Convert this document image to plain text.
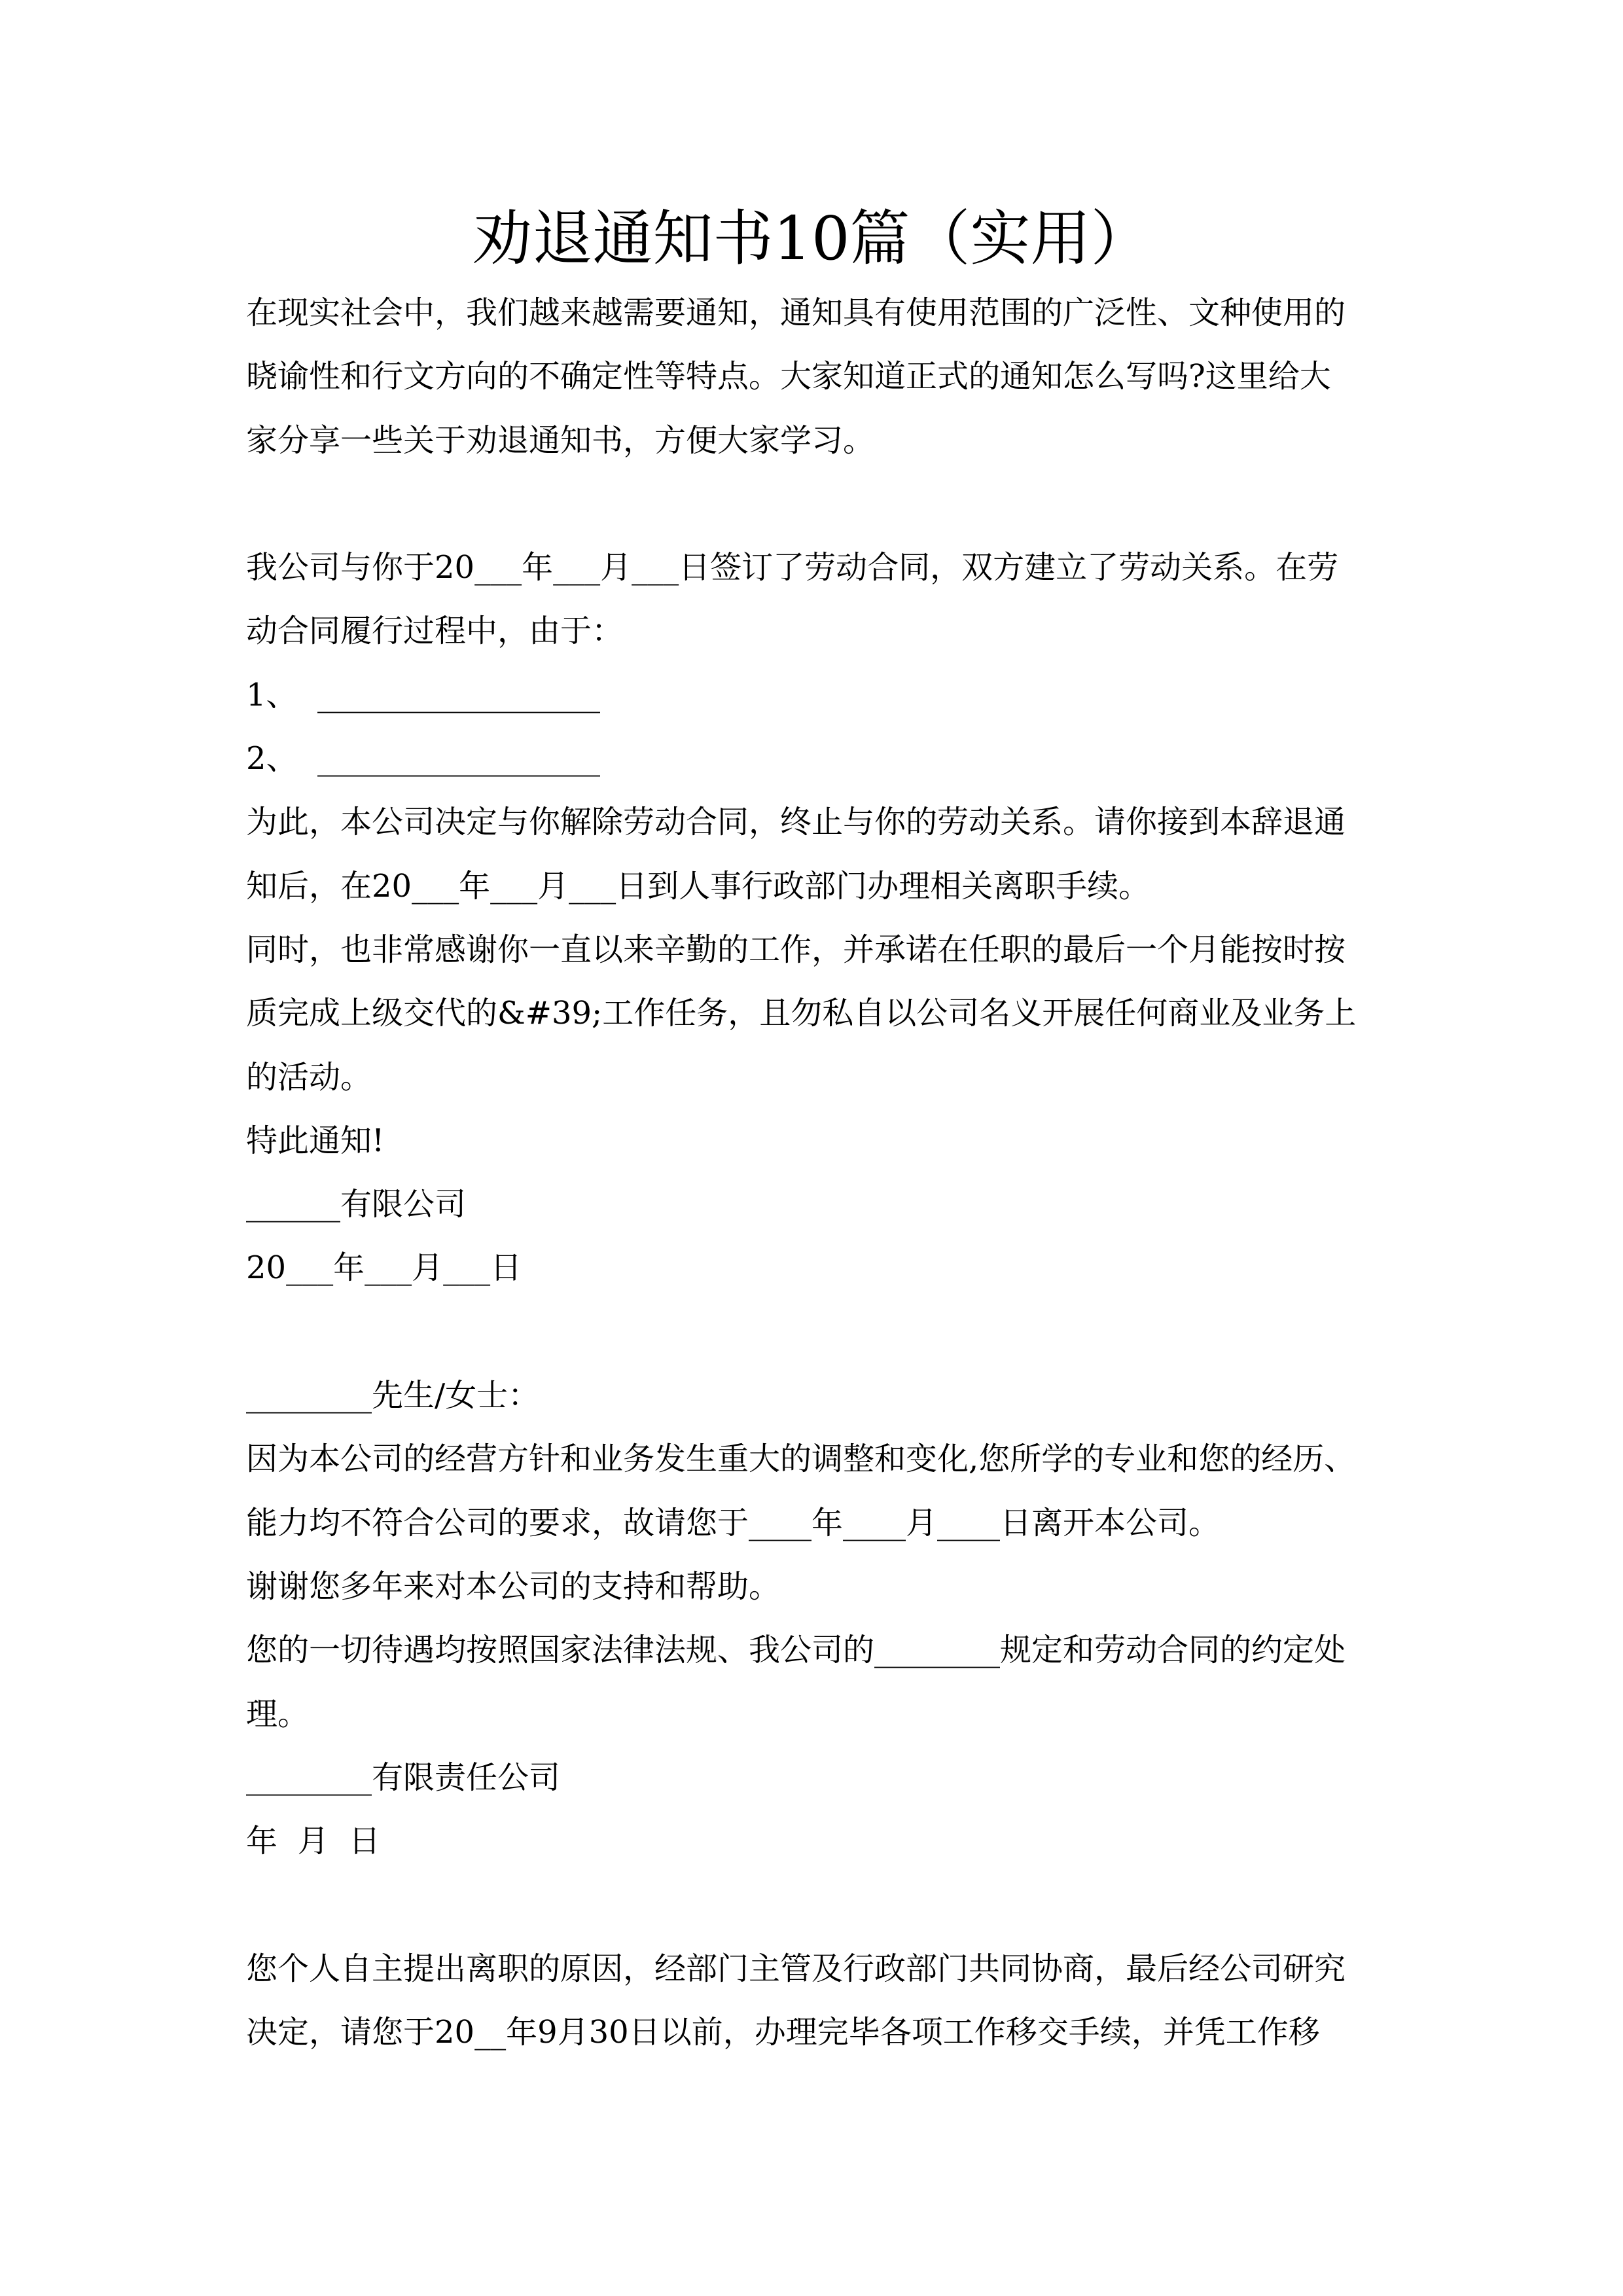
劝退通知书10篇（实用）
在现实社会中，我们越来越需要通知，通知具有使用范围的广泛性、文种使用的
晓谕性和行文方向的不确定性等特点。大家知道正式的通知怎么写吗?这里给大
家分享一些关于劝退通知书，方便大家学习。
我公司与你于20___年___月___日签订了劳动合同，双方建立了劳动关系。在劳
动合同履行过程中，由于：
1、  __________________
2、  __________________
为此，本公司决定与你解除劳动合同，终止与你的劳动关系。请你接到本辞退通
知后，在20___年___月___日到人事行政部门办理相关离职手续。
同时，也非常感谢你一直以来辛勤的工作，并承诺在任职的最后一个月能按时按
质完成上级交代的&#39;工作任务，且勿私自以公司名义开展任何商业及业务上
的活动。
特此通知!
______有限公司
20___年___月___日
________先生/女士：
因为本公司的经营方针和业务发生重大的调整和变化,您所学的专业和您的经历、
能力均不符合公司的要求，故请您于____年____月____日离开本公司。
谢谢您多年来对本公司的支持和帮助。
您的一切待遇均按照国家法律法规、我公司的________规定和劳动合同的约定处
理。
________有限责任公司
年  月  日
您个人自主提出离职的原因，经部门主管及行政部门共同协商，最后经公司研究
决定，请您于20__年9月30日以前，办理完毕各项工作移交手续，并凭工作移
